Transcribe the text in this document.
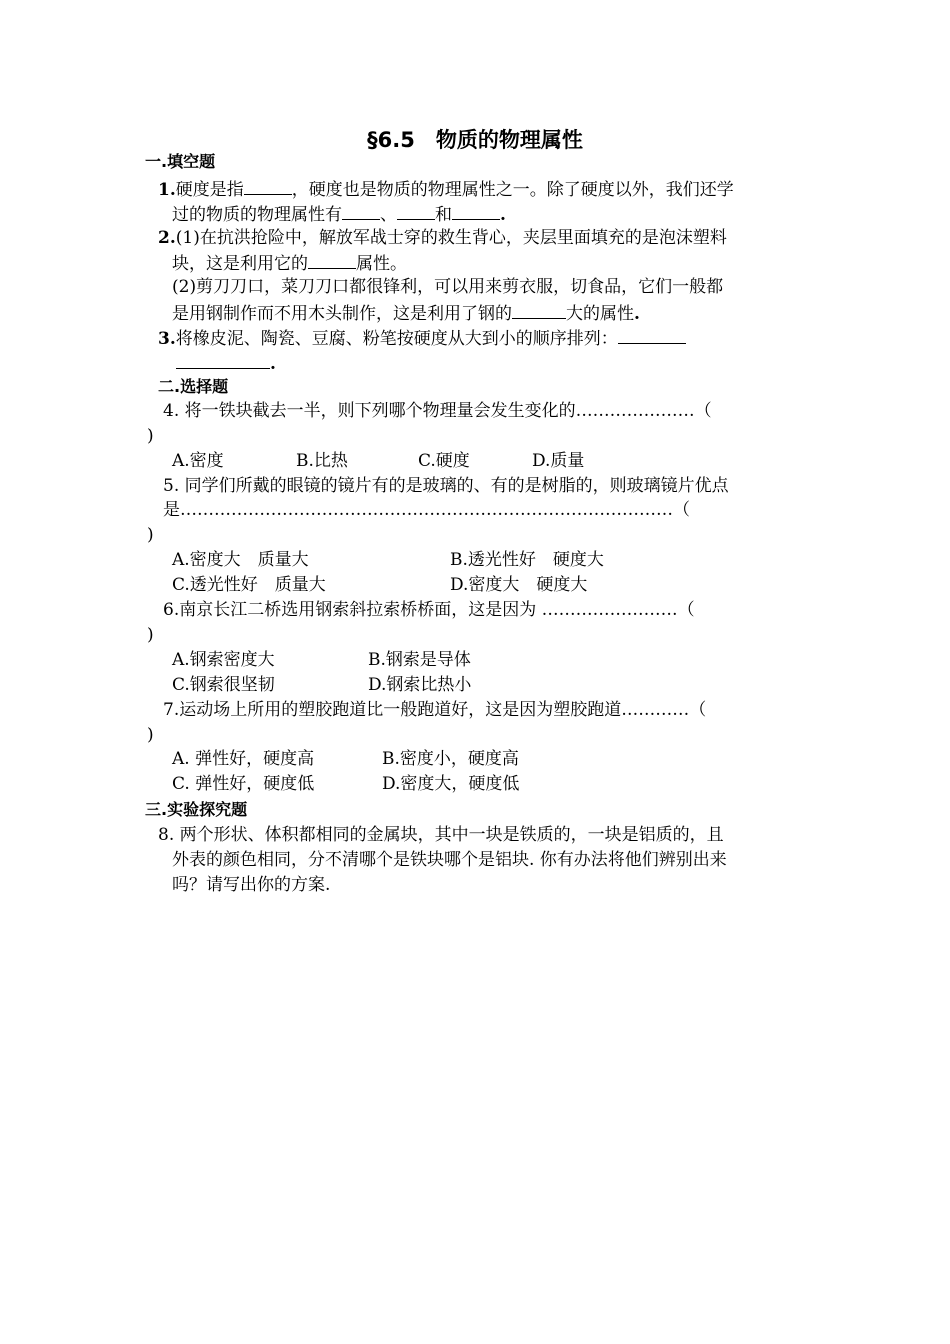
§6.5　物质的物理属性
一.填空题
1.硬度是指	，硬度也是物质的物理属性之一。除了硬度以外，我们还学
过的物质的物理属性有 、 和	.
2.(1)在抗洪抢险中，解放军战士穿的救生背心，夹层里面填充的是泡沫塑料
块，这是利用它的	属性。
(2)剪刀刀口，菜刀刀口都很锋利，可以用来剪衣服，切食品，它们一般都
是用钢制作而不用木头制作，这是利用了钢的	大的属性.
3.将橡皮泥、陶瓷、豆腐、粉笔按硬度从大到小的顺序排列：
.
二.选择题
4. 将一铁块截去一半，则下列哪个物理量会发生变化的…………………（
)
A.密度	B.比热	C.硬度	D.质量
5. 同学们所戴的眼镜的镜片有的是玻璃的、有的是树脂的，则玻璃镜片优点
是……………………………………………………………………………（
)
A.密度大　质量大	B.透光性好　硬度大
C.透光性好　质量大	D.密度大　硬度大
6.南京长江二桥选用钢索斜拉索桥桥面，这是因为 ……………………（
)
A.钢索密度大	B.钢索是导体
C.钢索很坚韧	D.钢索比热小
7.运动场上所用的塑胶跑道比一般跑道好，这是因为塑胶跑道…………（
)
A. 弹性好，硬度高	B.密度小，硬度高
C. 弹性好，硬度低	D.密度大，硬度低
三.实验探究题
8. 两个形状、体积都相同的金属块，其中一块是铁质的，一块是铝质的，且
外表的颜色相同，分不清哪个是铁块哪个是铝块. 你有办法将他们辨别出来
吗？请写出你的方案.
